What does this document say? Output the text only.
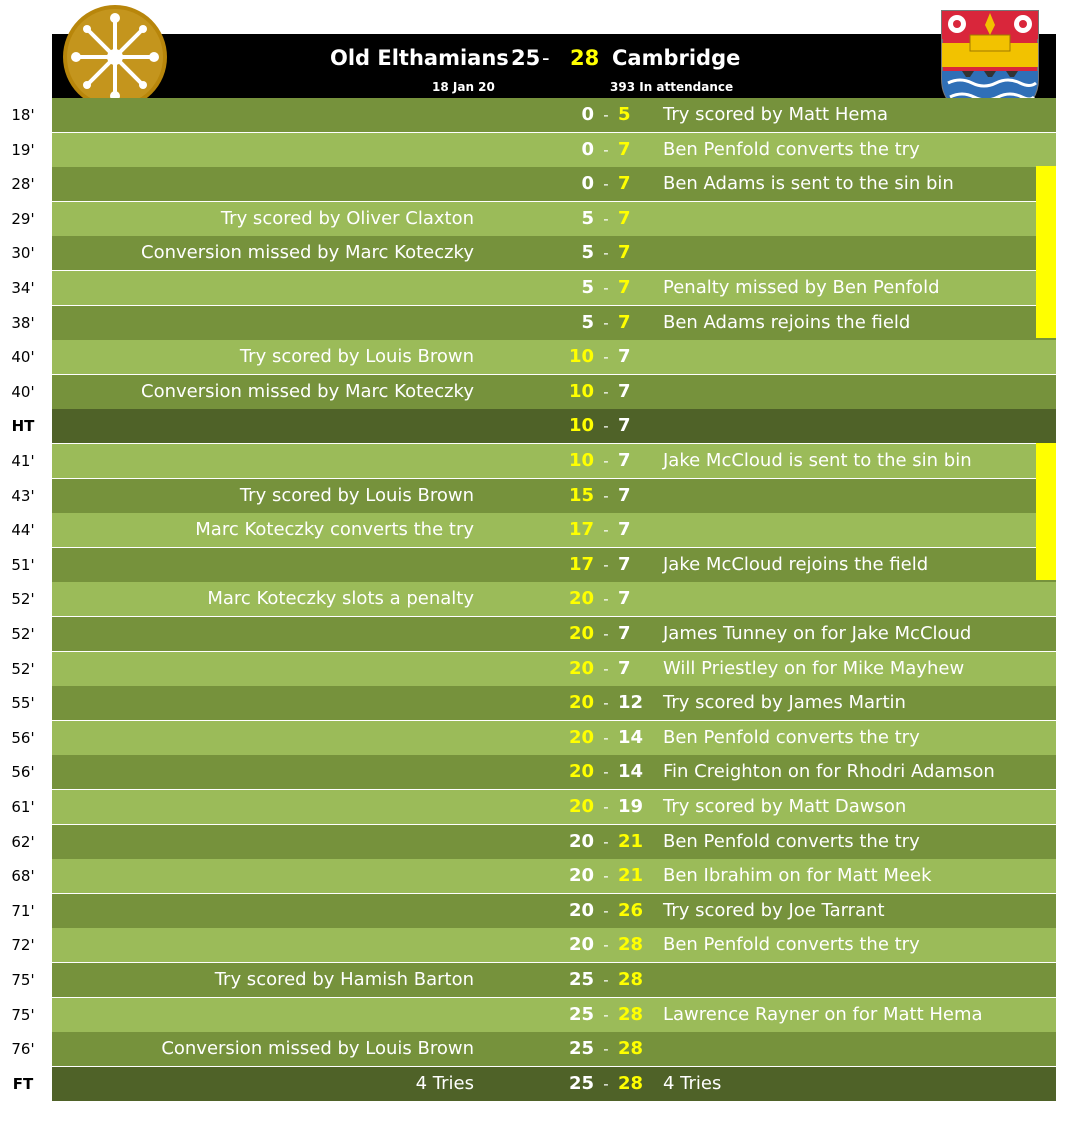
Old Elthamians 25 - 28 Cambridge
18 Jan 20	393 In attendance
18'	0 - 5	Try scored by Matt Hema
19'	0 - 7	Ben Penfold converts the try
28'	0 - 7	Ben Adams is sent to the sin bin
29'	Try scored by Oliver Claxton	5 - 7
30'	Conversion missed by Marc Koteczky	5 - 7
34'	5 - 7	Penalty missed by Ben Penfold
38'	5 - 7	Ben Adams rejoins the field
40'	Try scored by Louis Brown	10 - 7
40'	Conversion missed by Marc Koteczky	10 - 7
HT	10 - 7
41'	10 - 7	Jake McCloud is sent to the sin bin
43'	Try scored by Louis Brown	15 - 7
44'	Marc Koteczky converts the try	17 - 7
51'	17 - 7	Jake McCloud rejoins the field
52'	Marc Koteczky slots a penalty	20 - 7
52'	20 - 7	James Tunney on for Jake McCloud
52'	20 - 7	Will Priestley on for Mike Mayhew
55'	20 - 12 Try scored by James Martin
56'	20 - 14 Ben Penfold converts the try
56'	20 - 14 Fin Creighton on for Rhodri Adamson
61'	20 - 19 Try scored by Matt Dawson
62'	20 - 21 Ben Penfold converts the try
68'	20 - 21 Ben Ibrahim on for Matt Meek
71'	20 - 26 Try scored by Joe Tarrant
72'	20 - 28 Ben Penfold converts the try
75'	Try scored by Hamish Barton	25 - 28
75'	25 - 28 Lawrence Rayner on for Matt Hema
76'	Conversion missed by Louis Brown	25 - 28
FT	4 Tries	25 - 28 4 Tries
